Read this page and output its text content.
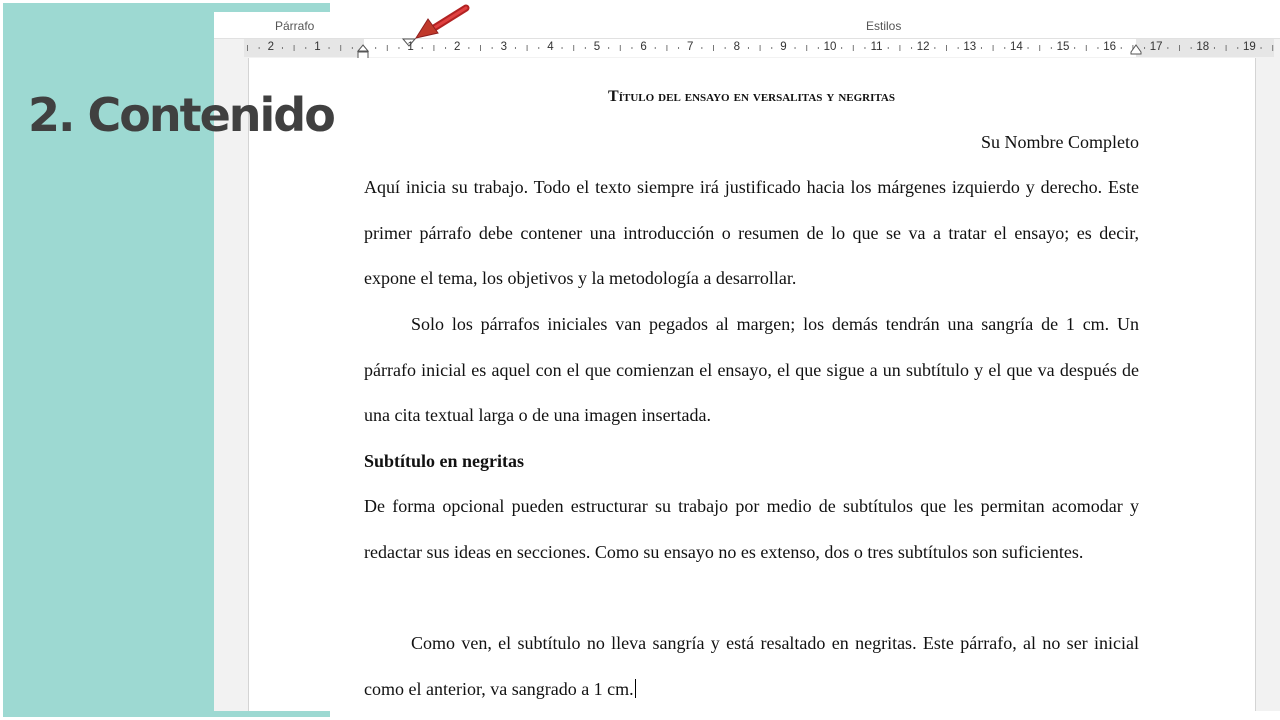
2. Contenido
Párrafo	Estilos
2	1	1	2	3	4	5	6	7	8	9	10	11	12	13	14	15	16	17	18	19

Título del ensayo en versalitas y negritas

Su Nombre Completo

Aquí inicia su trabajo. Todo el texto siempre irá justificado hacia los márgenes izquierdo y derecho. Este primer párrafo debe contener una introducción o resumen de lo que se va a tratar el ensayo; es decir, expone el tema, los objetivos y la metodología a desarrollar.

Solo los párrafos iniciales van pegados al margen; los demás tendrán una sangría de 1 cm. Un párrafo inicial es aquel con el que comienzan el ensayo, el que sigue a un subtítulo y el que va después de una cita textual larga o de una imagen insertada.

Subtítulo en negritas

De forma opcional pueden estructurar su trabajo por medio de subtítulos que les permitan acomodar y redactar sus ideas en secciones. Como su ensayo no es extenso, dos o tres subtítulos son suficientes.

Como ven, el subtítulo no lleva sangría y está resaltado en negritas. Este párrafo, al no ser inicial como el anterior, va sangrado a 1 cm.
